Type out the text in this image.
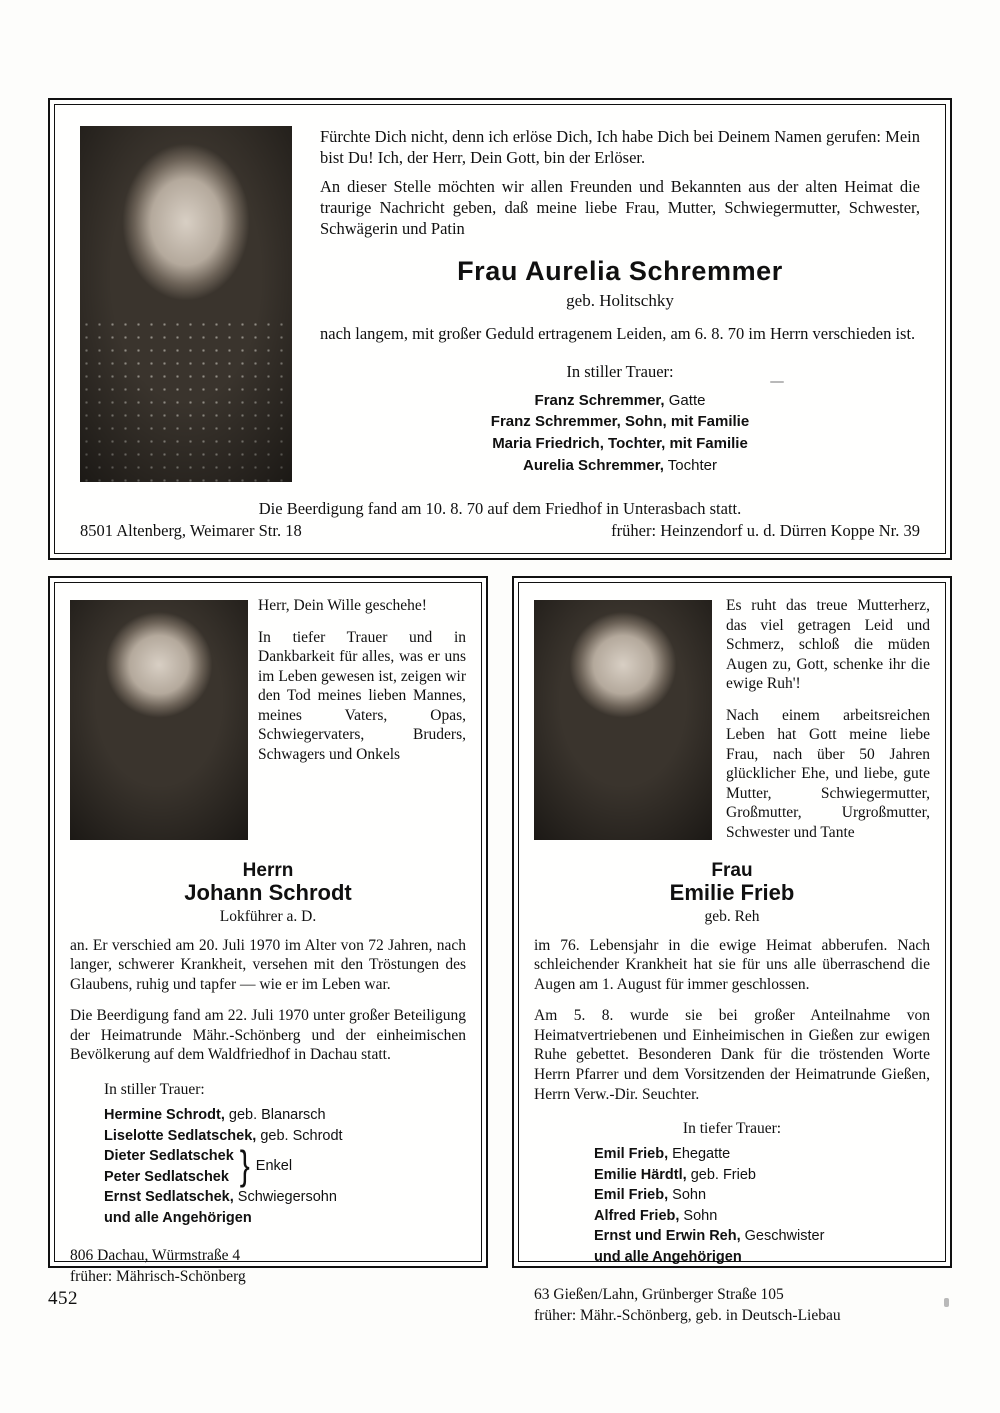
Fürchte Dich nicht, denn ich erlöse Dich, Ich habe Dich bei Deinem Namen gerufen: Mein bist Du! Ich, der Herr, Dein Gott, bin der Erlöser.

An dieser Stelle möchten wir allen Freunden und Bekannten aus der alten Heimat die traurige Nachricht geben, daß meine liebe Frau, Mutter, Schwiegermutter, Schwester, Schwägerin und Patin

Frau Aurelia Schremmer
geb. Holitschky

nach langem, mit großer Geduld ertragenem Leiden, am 6. 8. 70 im Herrn verschieden ist.

In stiller Trauer:
Franz Schremmer, Gatte
Franz Schremmer, Sohn, mit Familie
Maria Friedrich, Tochter, mit Familie
Aurelia Schremmer, Tochter
Die Beerdigung fand am 10. 8. 70 auf dem Friedhof in Unterasbach statt.
8501 Altenberg, Weimarer Str. 18	früher: Heinzendorf u. d. Dürren Koppe Nr. 39

Herr, Dein Wille geschehe!

In tiefer Trauer und in Dankbarkeit für alles, was er uns im Leben gewesen ist, zeigen wir den Tod meines lieben Mannes, meines Vaters, Opas, Schwiegervaters, Bruders, Schwagers und Onkels

Herrn
Johann Schrodt
Lokführer a. D.

an. Er verschied am 20. Juli 1970 im Alter von 72 Jahren, nach langer, schwerer Krankheit, versehen mit den Tröstungen des Glaubens, ruhig und tapfer — wie er im Leben war.

Die Beerdigung fand am 22. Juli 1970 unter großer Beteiligung der Heimatrunde Mähr.-Schönberg und der einheimischen Bevölkerung auf dem Waldfriedhof in Dachau statt.

In stiller Trauer:
Hermine Schrodt, geb. Blanarsch
Liselotte Sedlatschek, geb. Schrodt
Dieter Sedlatschek
Peter Sedlatschek } Enkel
Ernst Sedlatschek, Schwiegersohn
und alle Angehörigen
806 Dachau, Würmstraße 4
früher: Mährisch-Schönberg

Es ruht das treue Mutterherz, das viel getragen Leid und Schmerz, schloß die müden Augen zu, Gott, schenke ihr die ewige Ruh'!

Nach einem arbeitsreichen Leben hat Gott meine liebe Frau, nach über 50 Jahren glücklicher Ehe, und liebe, gute Mutter, Schwiegermutter, Großmutter, Urgroßmutter, Schwester und Tante

Frau
Emilie Frieb
geb. Reh

im 76. Lebensjahr in die ewige Heimat abberufen. Nach schleichender Krankheit hat sie für uns alle überraschend die Augen am 1. August für immer geschlossen.

Am 5. 8. wurde sie bei großer Anteilnahme von Heimatvertriebenen und Einheimischen in Gießen zur ewigen Ruhe gebettet. Besonderen Dank für die tröstenden Worte Herrn Pfarrer und dem Vorsitzenden der Heimatrunde Gießen, Herrn Verw.-Dir. Seuchter.

In tiefer Trauer:
Emil Frieb, Ehegatte
Emilie Härdtl, geb. Frieb
Emil Frieb, Sohn
Alfred Frieb, Sohn
Ernst und Erwin Reh, Geschwister
und alle Angehörigen
63 Gießen/Lahn, Grünberger Straße 105
früher: Mähr.-Schönberg, geb. in Deutsch-Liebau
452
